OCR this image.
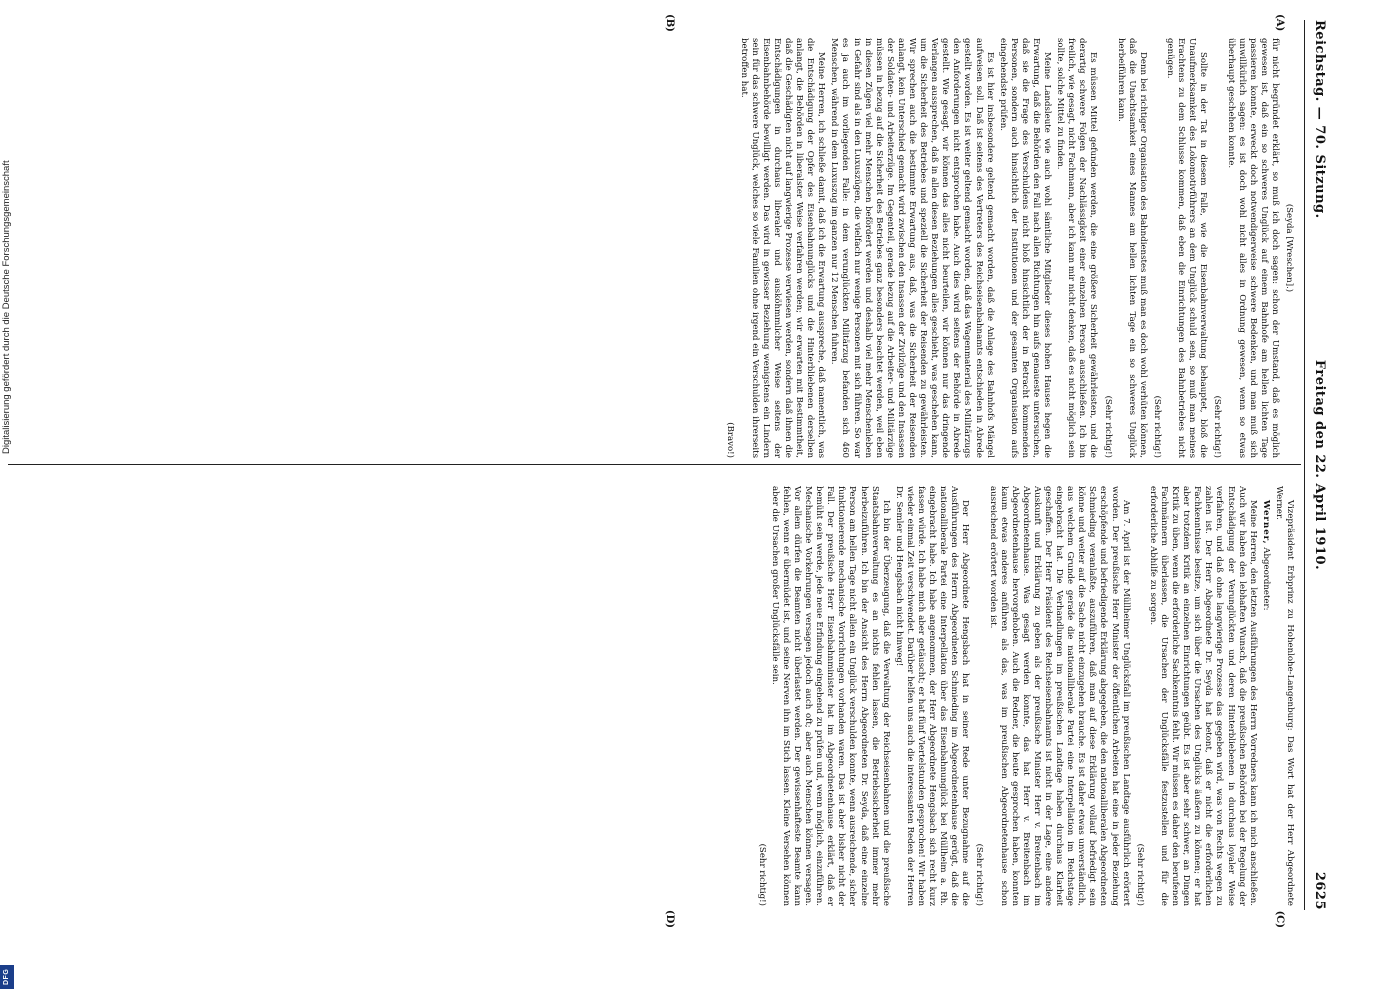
Reichstag. — 70. Sitzung.
Freitag den 22. April 1910.
2625
(A)
(B)
(C)
(D)

(Seyda [Wreschen].)

für nicht begründet erklärt, so muß ich doch sagen: schon der Umstand, daß es möglich gewesen ist, daß ein so schweres Unglück auf einem Bahnhofe am hellen lichten Tage passieren konnte, erweckt doch notwendigerweise schwere Bedenken, und man muß sich unwillkürlich sagen: es ist doch wohl nicht alles in Ordnung gewesen, wenn so etwas überhaupt geschehen konnte.

(Sehr richtig!)

Sollte in der Tat in diesem Falle, wie die Eisenbahnverwaltung behauptet, bloß die Unaufmerksamkeit des Lokomotivführers an dem Unglück schuld sein, so muß man meines Erachtens zu dem Schlusse kommen, daß eben die Einrichtungen des Bahnbetriebes nicht genügen.

(Sehr richtig!)

Denn bei richtiger Organisation des Bahndienstes muß man es doch wohl verhüten können, daß die Unachtsamkeit eines Mannes am hellen lichten Tage ein so schweres Unglück herbeiführen kann.

(Sehr richtig!)

Es müssen Mittel gefunden werden, die eine größere Sicherheit gewährleisten, und die derartig schwere Folgen der Nachlässigkeit einer einzelnen Person ausschließen. Ich bin freilich, wie gesagt, nicht Fachmann, aber ich kann mir nicht denken, daß es nicht möglich sein sollte, solche Mittel zu finden.

Meine Landsleute wie auch wohl sämtliche Mitglieder dieses hohen Hauses hegen die Erwartung, daß die Behörden den Fall nach allen Richtungen hin aufs genaueste untersuchen, daß sie die Frage des Verschuldens nicht bloß hinsichtlich der in Betracht kommenden Personen, sondern auch hinsichtlich der Institutionen und der gesamten Organisation aufs eingehendste prüfen.

Es ist hier insbesondere geltend gemacht worden, daß die Anlage des Bahnhofs Mängel aufweisen soll. Daß ist seitens des Vertreters des Reichseisenbahnamts entschieden in Abrede gestellt worden. Es ist weiter geltend gemacht worden, daß das Wagenmaterial des Militärzugs den Anforderungen nicht entsprochen habe. Auch dies wird seitens der Behörde in Abrede gestellt. Wie gesagt, wir können das alles nicht beurteilen, wir können nur das dringende Verlangen aussprechen, daß in allen diesen Beziehungen alles geschieht, was geschehen kann, um die Sicherheit des Betriebes und speziell die Sicherheit der Reisenden zu gewährleisten. Wir sprechen auch die bestimmte Erwartung aus, daß, was die Sicherheit der Reisenden anlangt, kein Unterschied gemacht wird zwischen den Insassen der Zivilzüge und den Insassen der Soldaten- und Arbeiterzüge. Im Gegenteil, gerade bezug auf die Arbeiter- und Militärzüge müssen in bezug auf die Sicherheit des Betriebes ganz besonders beachtet werden, weil eben in diesen Zügen viel mehr Menschen befördert werden und deshalb viel mehr Menschenleben in Gefahr sind als in den Luxuszügen, die vielfach nur wenige Personen mit sich führen. So war es ja auch im vorliegenden Falle: in dem verunglückten Militärzug befanden sich 460 Menschen, während in dem Luxuszug im ganzen nur 12 Menschen fuhren.

Meine Herren, ich schließe damit, daß ich die Erwartung ausspreche, daß namentlich, was die Entschädigung der Opfer des Eisenbahnunglücks und die Hinterbliebenen derselben anlangt, die Behörden in liberalster Weise verfahren werden; wir erwarten mit Bestimmtheit, daß die Geschädigten nicht auf langwierige Prozesse verwiesen werden, sondern daß ihnen die Entschädigungen in durchaus liberaler und ausköhmmlicher Weise seitens der Eisenbahnbehörde bewilligt werden. Das wird in gewisser Beziehung wenigstens ein Lindern sein für das schwere Unglück, welches so viele Familien ohne irgend ein Verschulden ihrerseits betroffen hat.

(Bravo!)

Vizepräsident Erbprinz zu Hohenlohe-Langenburg: Das Wort hat der Herr Abgeordnete Werner.

Werner, Abgeordneter:

Meine Herren, den letzten Ausführungen des Herrn Vorredners kann ich mich anschließen. Auch wir haben den lebhaften Wunsch, daß die preußischen Behörden bei der Regelung der Entschädigung der Verunglückten und deren Hinterbliebenen in durchaus loyaler Weise verfahren, und daß ohne langwierige Prozesse das gegeben wird, was von Rechts wegen zu zahlen ist. Der Herr Abgeordnete Dr. Seyda hat betont, daß er nicht die erforderlichen Fachkenntnisse besitze, um sich über die Ursachen des Unglücks äußern zu können; er hat aber trotzdem Kritik an einzelnen Einrichtungen geübt. Es ist aber sehr schwer, an Dingen Kritik zu üben, wenn die erforderliche Sachkenntnis fehlt. Wir müssen es daher den berufenen Fachmännern überlassen, die Ursachen der Unglücksfälle festzustellen und für die erforderliche Abhilfe zu sorgen.

(Sehr richtig!)

Am 7. April ist der Müllheimer Unglücksfall im preußischen Landtage ausführlich erörtert worden. Der preußische Herr Minister der öffentlichen Arbeiten hat eine in jeder Beziehung erschöpfende und befriedigende Erklärung abgegeben, die den nationalliberalen Abgeordneten Schmieding veranlaßte, auszuführen, daß man auf diese Erklärung vollauf befriedigt sein könne und weiter auf die Sache nicht einzugehen brauche. Es ist daher etwas unverständlich, aus welchem Grunde gerade die nationalliberale Partei eine Interpellation im Reichstage eingebracht hat. Die Verhandlungen im preußischen Landtage haben durchaus Klarheit geschaffen. Der Herr Präsident des Reichseisenbahnamts ist nicht in der Lage, eine andere Auskunft und Erklärung zu geben als der preußische Minister Herr v. Breitenbach im Abgeordnetenhause. Was gesagt werden konnte, das hat Herr v. Breitenbach im Abgeordnetenhause hervorgehoben. Auch die Redner, die heute gesprochen haben, konnten kaum etwas anderes anführen als das, was im preußischen Abgeordnetenhause schon ausreichend erörtert worden ist.

(Sehr richtig!)

Der Herr Abgeordnete Hengsbach hat in seiner Rede unter Bezugnahme auf die Ausführungen des Herrn Abgeordneten Schmieding im Abgeordnetenhause gerügt, daß die nationalliberale Partei eine Interpellation über das Eisenbahnunglück bei Müllheim a. Rh. eingebracht habe. Ich habe angenommen, der Herr Abgeordnete Hengsbach sich recht kurz fassen würde. Ich habe mich aber getäuscht; er hat fünf Viertelstunden gesprochen! Wir haben wieder einmal Zeit verschwendet. Darüber helfen uns auch die interessanten Reden der Herren Dr. Semler und Hengsbach nicht hinweg!

Ich bin der Überzeugung, daß die Verwaltung der Reichseisenbahnen und die preußische Staatsbahnverwaltung es an nichts fehlen lassen, die Betriebssicherheit immer mehr herbeizuführen. Ich bin der Ansicht des Herrn Abgeordneten Dr. Seyda, daß eine einzelne Person am hellen Tage nicht allein ein Unglück verschulden konnte, wenn ausreichende, sicher funktionierende mechanische Vorrichtungen vorhanden waren. Das ist aber bisher nicht der Fall. Der preußische Herr Eisenbahnminister hat im Abgeordnetenhause erklärt, daß er bemüht sein werde, jede neue Erfindung eingehend zu prüfen und, wenn möglich, einzuführen. Mechanische Vorkehrungen versagen jedoch auch oft; aber auch Menschen können versagen. Vor allem dürfen die Beamten nicht überlastet werden. Der gewissenhafteste Beamte kann fehlen, wenn er übermüdet ist, und seine Nerven ihn im Stich lassen. Kleine Versehen können aber die Ursachen großer Unglücksfälle sein.

(Sehr richtig!)

Digitalisierung gefördert durch die Deutsche Forschungsgemeinschaft
DFG
